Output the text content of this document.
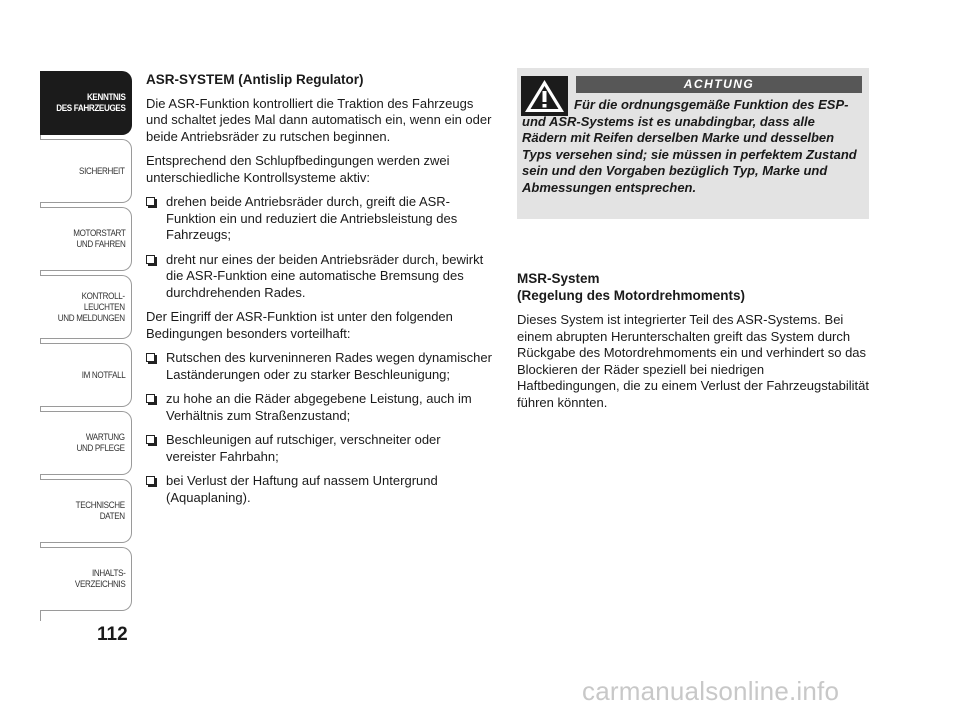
KENNTNIS
DES FAHRZEUGES
SICHERHEIT
MOTORSTART
UND FAHREN
KONTROLL-
LEUCHTEN
UND MELDUNGEN
IM NOTFALL
WARTUNG
UND PFLEGE
TECHNISCHE
DATEN
INHALTS-
VERZEICHNIS
112
ASR-SYSTEM (Antislip Regulator)

Die ASR-Funktion kontrolliert die Traktion des Fahrzeugs und schaltet jedes Mal dann automatisch ein, wenn ein oder beide Antriebsräder zu rutschen beginnen.

Entsprechend den Schlupfbedingungen werden zwei unterschiedliche Kontrollsysteme aktiv:

drehen beide Antriebsräder durch, greift die ASR-Funktion ein und reduziert die Antriebsleistung des Fahrzeugs;
dreht nur eines der beiden Antriebsräder durch, bewirkt die ASR-Funktion eine automatische Bremsung des durchdrehenden Rades.

Der Eingriff der ASR-Funktion ist unter den folgenden Bedingungen besonders vorteilhaft:

Rutschen des kurveninneren Rades wegen dynamischer Laständerungen oder zu starker Beschleunigung;
zu hohe an die Räder abgegebene Leistung, auch im Verhältnis zum Straßenzustand;
Beschleunigen auf rutschiger, verschneiter oder vereister Fahrbahn;
bei Verlust der Haftung auf nassem Untergrund (Aquaplaning).
ACHTUNG
Für die ordnungsgemäße Funktion des ESP- und ASR-Systems ist es unabdingbar, dass alle Rädern mit Reifen derselben Marke und desselben Typs versehen sind; sie müssen in perfektem Zustand sein und den Vorgaben bezüglich Typ, Marke und Abmessungen entsprechen.
MSR-System
(Regelung des Motordrehmoments)

Dieses System ist integrierter Teil des ASR-Systems. Bei einem abrupten Herunterschalten greift das System durch Rückgabe des Motordrehmoments ein und verhindert so das Blockieren der Räder speziell bei niedrigen Haftbedingungen, die zu einem Verlust der Fahrzeugstabilität führen könnten.

carmanualsonline.info
